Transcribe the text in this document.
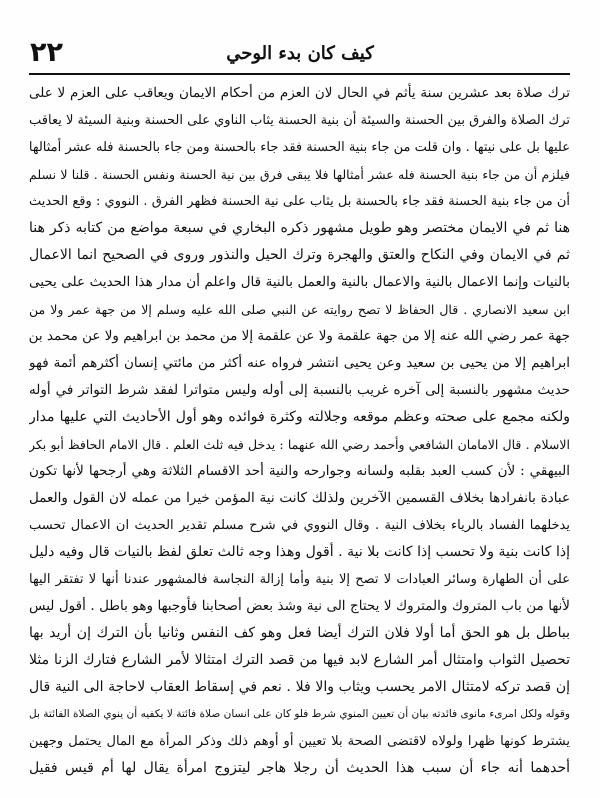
٢٢	كيف كان بدء الوحي
ترك صلاة بعد عشرين سنة يأثم في الحال لان العزم من أحكام الايمان ويعاقب على العزم لا على
ترك الصلاة والفرق بين الحسنة والسيئة أن بنية الحسنة يثاب الناوي على الحسنة وبنية السيئة لا يعاقب
عليها بل على نيتها . وان قلت من جاء بنية الحسنة فقد جاء بالحسنة ومن جاء بالحسنة فله عشر أمثالها
فيلزم أن من جاء بنية الحسنة فله عشر أمثالها فلا يبقى فرق بين نية الحسنة ونفس الحسنة . قلنا لا نسلم
أن من جاء بنية الحسنة فقد جاء بالحسنة بل يثاب على نية الحسنة فظهر الفرق . النووي : وقع الحديث
هنا ثم في الايمان مختصر وهو طويل مشهور ذكره البخاري في سبعة مواضع من كتابه ذكر هنا
ثم في الايمان وفي النكاح والعتق والهجرة وترك الحيل والنذور وروى في الصحيح انما الاعمال
بالنيات وإنما الاعمال بالنية والاعمال بالنية والعمل بالنية قال واعلم أن مدار هذا الحديث على يحيى
ابن سعيد الانصاري . قال الحفاظ لا تصح روايته عن النبي صلى الله عليه وسلم إلا من جهة عمر ولا من
جهة عمر رضي الله عنه إلا من جهة علقمة ولا عن علقمة إلا من محمد بن ابراهيم ولا عن محمد بن
ابراهيم إلا من يحيى بن سعيد وعن يحيى انتشر فرواه عنه أكثر من مائتي إنسان أكثرهم أئمة فهو
حديث مشهور بالنسبة إلى آخره غريب بالنسبة إلى أوله وليس متواترا لفقد شرط التواتر في أوله
ولكنه مجمع على صحته وعظم موقعه وجلالته وكثرة فوائده وهو أول الأحاديث التي عليها مدار
الاسلام . قال الامامان الشافعي وأحمد رضي الله عنهما : يدخل فيه ثلث العلم . قال الامام الحافظ أبو بكر
البيهقي : لأن كسب العبد بقلبه ولسانه وجوارحه والنية أحد الاقسام الثلاثة وهي أرجحها لأنها تكون
عبادة بانفرادها بخلاف القسمين الآخرين ولذلك كانت نية المؤمن خيرا من عمله لان القول والعمل
يدخلهما الفساد بالرياء بخلاف النية . وقال النووي في شرح مسلم تقدير الحديث ان الاعمال تحسب
إذا كانت بنية ولا تحسب إذا كانت بلا نية . أقول وهذا وجه ثالث تعلق لفظ بالنيات قال وفيه دليل
على أن الطهارة وسائر العبادات لا تصح إلا بنية وأما إزالة النجاسة فالمشهور عندنا أنها لا تفتقر اليها
لأنها من باب المتروك والمتروك لا يحتاج الى نية وشذ بعض أصحابنا فأوجبها وهو باطل . أقول ليس
بباطل بل هو الحق أما أولا فلان الترك أيضا فعل وهو كف النفس وثانيا بأن الترك إن أريد بها
تحصيل الثواب وامتثال أمر الشارع لابد فيها من قصد الترك امتثالا لأمر الشارع فتارك الزنا مثلا
إن قصد تركه لامتثال الامر يحسب ويثاب والا فلا . نعم في إسقاط العقاب لاحاجة الى النية قال
وقوله ولكل امرىء مانوى فائدته بيان أن تعيين المنوي شرط فلو كان على انسان صلاة فائتة لا يكفيه أن ينوي الصلاة الفائتة بل
يشترط كونها ظهرا ولولاه لاقتضى الصحة بلا تعيين أو أوهم ذلك وذكر المرأة مع المال يحتمل وجهين
أحدهما أنه جاء أن سبب هذا الحديث أن رجلا هاجر ليتزوج امرأة يقال لها أم قيس فقيل
